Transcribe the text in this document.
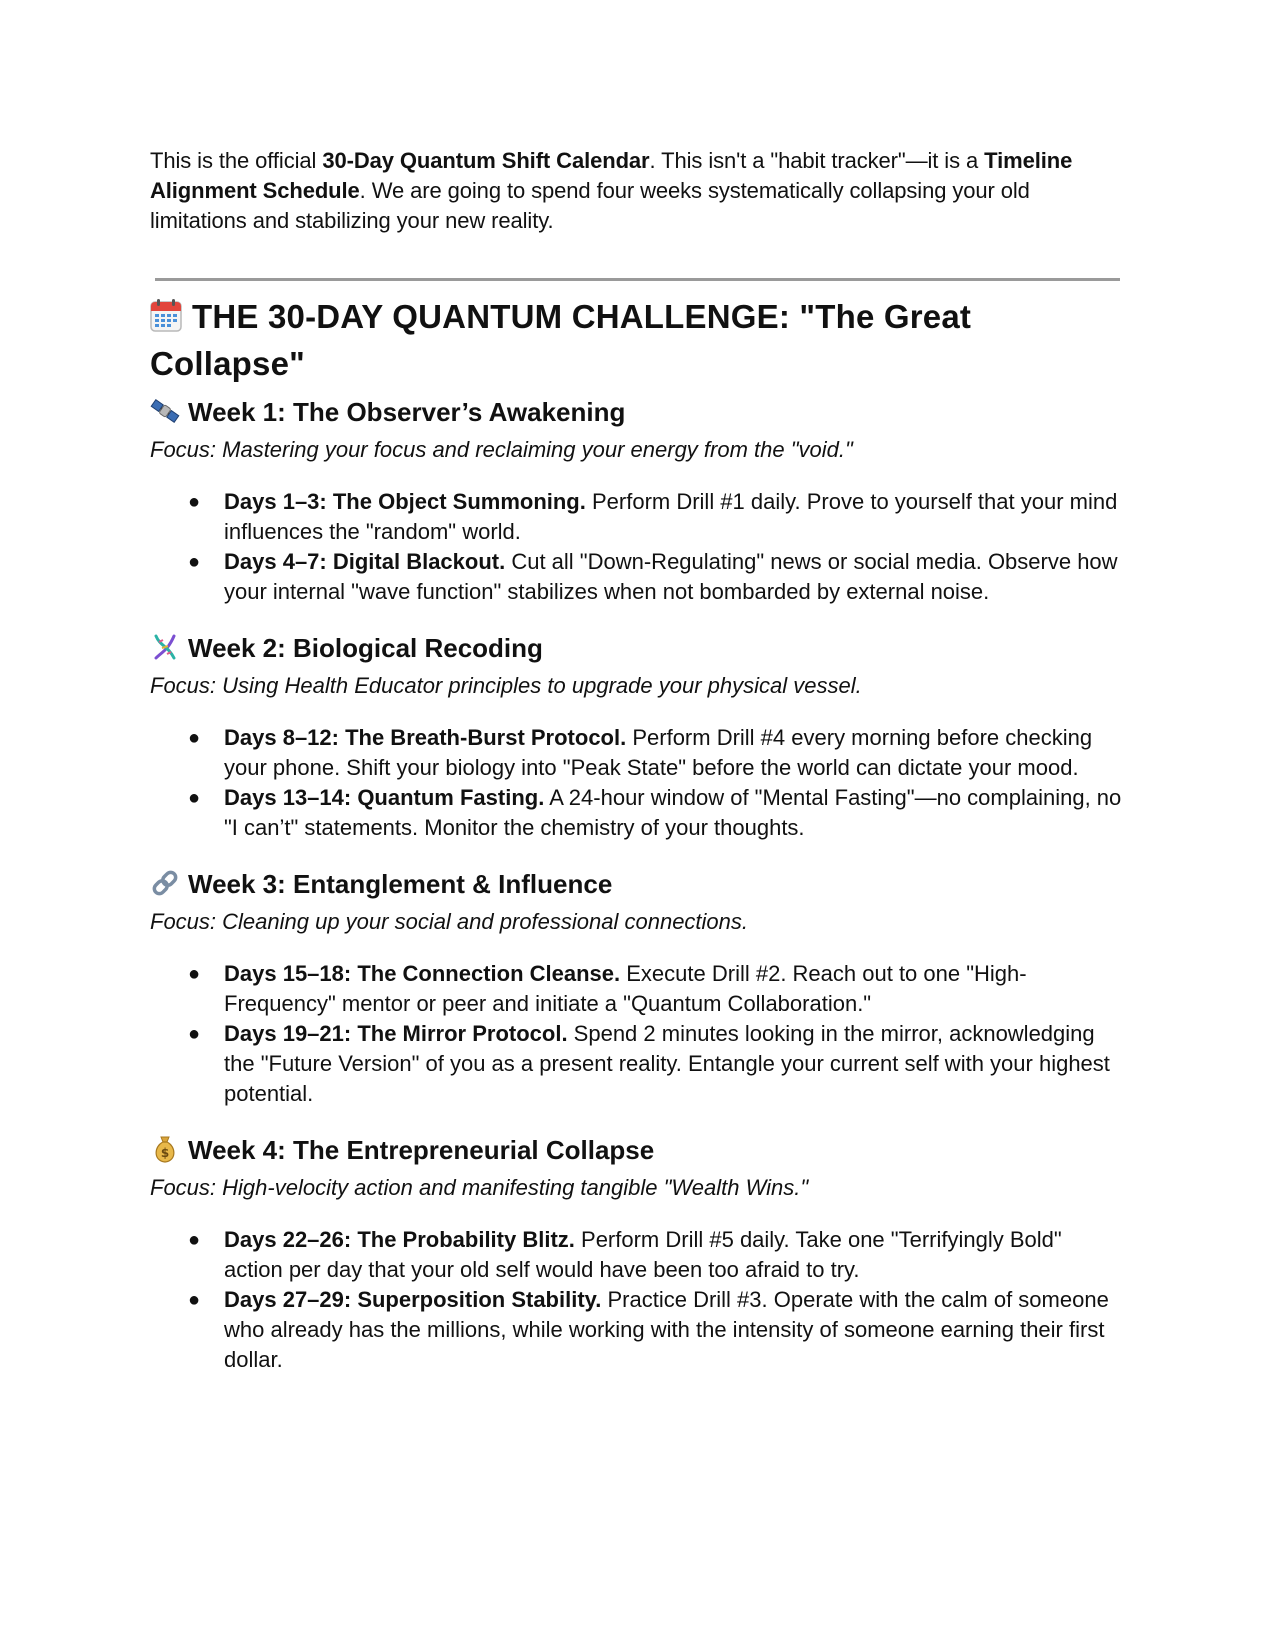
This is the official 30-Day Quantum Shift Calendar. This isn't a "habit tracker"—it is a Timeline Alignment Schedule. We are going to spend four weeks systematically collapsing your old limitations and stabilizing your new reality.

THE 30-DAY QUANTUM CHALLENGE: "The Great Collapse"
Week 1: The Observer’s Awakening

Focus: Mastering your focus and reclaiming your energy from the "void."

● Days 1–3: The Object Summoning. Perform Drill #1 daily. Prove to yourself that your mind influences the "random" world.
● Days 4–7: Digital Blackout. Cut all "Down-Regulating" news or social media. Observe how your internal "wave function" stabilizes when not bombarded by external noise.
Week 2: Biological Recoding

Focus: Using Health Educator principles to upgrade your physical vessel.

● Days 8–12: The Breath-Burst Protocol. Perform Drill #4 every morning before checking your phone. Shift your biology into "Peak State" before the world can dictate your mood.
● Days 13–14: Quantum Fasting. A 24-hour window of "Mental Fasting"—no complaining, no "I can’t" statements. Monitor the chemistry of your thoughts.
Week 3: Entanglement & Influence

Focus: Cleaning up your social and professional connections.

● Days 15–18: The Connection Cleanse. Execute Drill #2. Reach out to one "High-Frequency" mentor or peer and initiate a "Quantum Collaboration."
● Days 19–21: The Mirror Protocol. Spend 2 minutes looking in the mirror, acknowledging the "Future Version" of you as a present reality. Entangle your current self with your highest potential.
$ Week 4: The Entrepreneurial Collapse

Focus: High-velocity action and manifesting tangible "Wealth Wins."

● Days 22–26: The Probability Blitz. Perform Drill #5 daily. Take one "Terrifyingly Bold" action per day that your old self would have been too afraid to try.
● Days 27–29: Superposition Stability. Practice Drill #3. Operate with the calm of someone who already has the millions, while working with the intensity of someone earning their first dollar.
